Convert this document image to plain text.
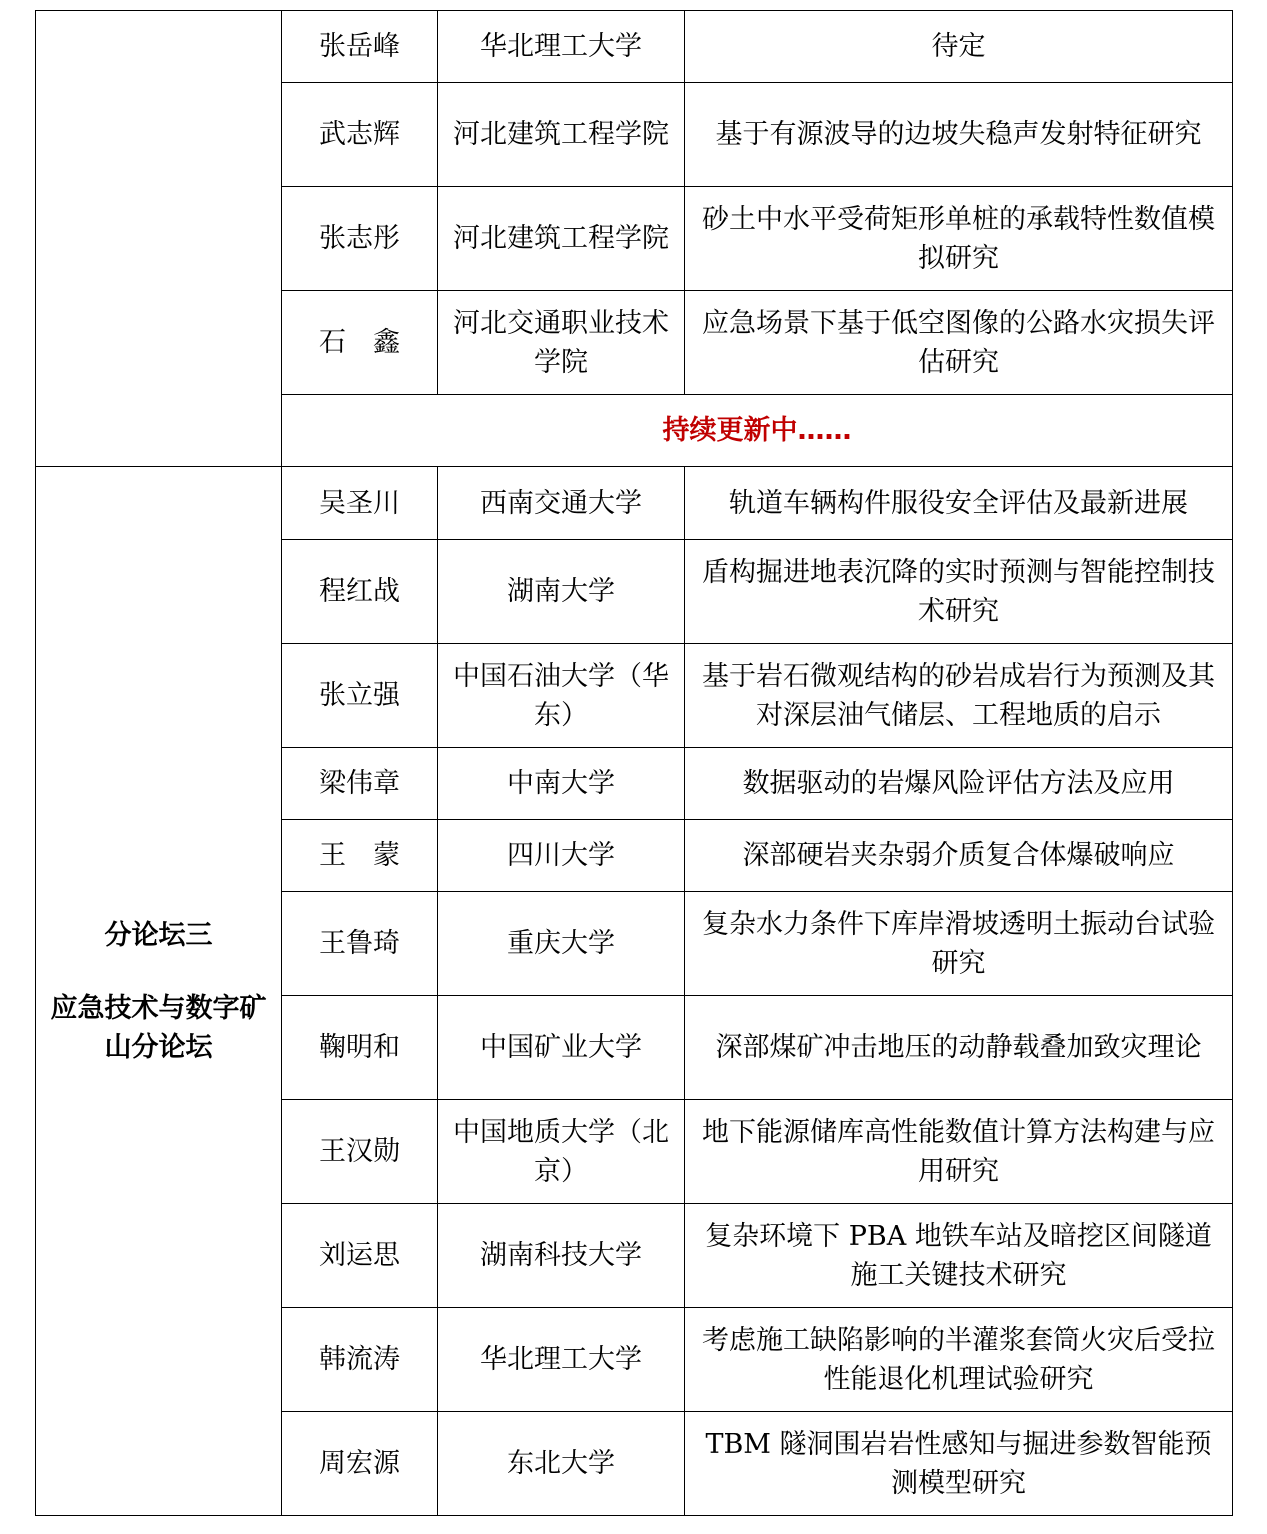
	张岳峰	华北理工大学	待定
	武志辉	河北建筑工程学院	基于有源波导的边坡失稳声发射特征研究
	张志彤	河北建筑工程学院	砂土中水平受荷矩形单桩的承载特性数值模拟研究
	石　鑫	河北交通职业技术学院	应急场景下基于低空图像的公路水灾损失评估研究
	持续更新中……		

分论坛三
应急技术与数字矿山分论坛	吴圣川	西南交通大学	轨道车辆构件服役安全评估及最新进展
	程红战	湖南大学	盾构掘进地表沉降的实时预测与智能控制技术研究
	张立强	中国石油大学（华东）	基于岩石微观结构的砂岩成岩行为预测及其对深层油气储层、工程地质的启示
	梁伟章	中南大学	数据驱动的岩爆风险评估方法及应用
	王　蒙	四川大学	深部硬岩夹杂弱介质复合体爆破响应
	王鲁琦	重庆大学	复杂水力条件下库岸滑坡透明土振动台试验研究
	鞠明和	中国矿业大学	深部煤矿冲击地压的动静载叠加致灾理论
	王汉勋	中国地质大学（北京）	地下能源储库高性能数值计算方法构建与应用研究
	刘运思	湖南科技大学	复杂环境下 PBA 地铁车站及暗挖区间隧道施工关键技术研究
	韩流涛	华北理工大学	考虑施工缺陷影响的半灌浆套筒火灾后受拉性能退化机理试验研究
	周宏源	东北大学	TBM 隧洞围岩岩性感知与掘进参数智能预测模型研究
